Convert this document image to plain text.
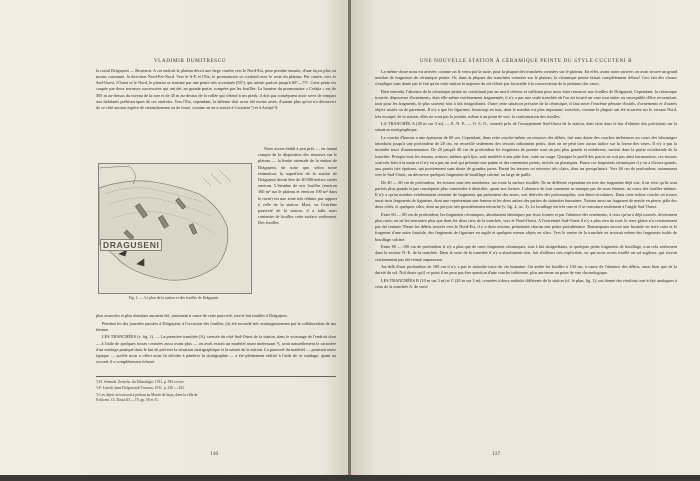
VLADIMIR DUMITRESCU

la rostul Drăgușeni — Broștenii. A cot endroit le plateau décrit une large courbe vers le Nord-Est, pour prendre ensuite, d'une façon plus ou moins constante, la direction Nord-Est-Nord. Vers le S-E et l'Est, le promontoire se confond avec le reste du plateau. Par contre, vers le Sud-Ouest, l'Ouest et le Nord, le plateau se termine par une pente très accentuée (50°), qui atteint parfois jusqu'à 60°—75°. Cette pente est coupée par deux terrasses successives qui ont été, en grande partie, rompées par les fouilles. La hauteur du promontoire « Cetăția » est de 565 m au-dessus du niveau de la mer et de 45 m au-dessus de la vallée qui s'étend à ses pieds; il doit par conséquent avoir servi de rempart aux habitants préhistoriques de ces endroits. Vers l'Est, cependant, la défense doit avoir été moins aisée, d'autant plus qu'on n'a découvert de ce côté aucune espèce de retranchement ou de fossé, comme on en a trouvé à Cucuteni ¹) et à Ariușd ²).

DRAGUSENI
Fig. 1. — Le plan de la station et des fouilles de Drăgușeni.

Nous avons établi à peu près — en tenant compte de la disposition des terrasses sur le plateau — la limite orientale de la station de Drăgușeni, de sorte que, selon notre estimation, la superficie de la station de Drăgușeni devait être de 20.000 mètres carrés environ. L'étendue de nos fouilles (environ 160 m² sur le plateau et environ 100 m² dans le ravin) est une zone très réduite par rapport à celle de la station. Mais, vu l'extrême pauvreté de la station, il a fallu nous contenter de fouilles cette surface seulement. Des fouilles

plus avancées et plus étendues auraient été, justement à cause de cette pauvreté, tout-à-fait inutiles à Drăgușeni.

Pendant les dix journées passées à Drăgușeni, à l'occasion des fouilles, j'ai été secondé très avantageusement par la collaboration de ma femme.

LES TRANCHÉES (v. fig. 1). — La première tranchée (A), creusée du côté Sud-Ouest de la station, dans le voisinage de l'endroit dont — à l'aide de quelques fosses creusées aussi avant plus — on avait extrait un matériel assez intéressant ³), avait naturellement le caractère d'un sondage pratiqué dans le but de préciser la situation stratigraphique et la nature de la station. La pauvreté du matériel — pourtant assez typique — qu'elle nous a offert nous fit décider à pénétrer la stratigraphie — a été pleinement réalisé à l'aide de ce sondage; quant au second, il a complètement échoué.

¹) H. Schmidt, Zeitschr. für Ethnologie, 1911, p. 582 et suiv.

²) F. László, dans Dolgozatok-Travaux, 1911, p. 236 — 241.

³) Ces objets se trouvent à présent au Musée de Iașsy, dans la ville de Folticeni. Cf. Dacia III — IV, pp. 50 et 51.

116
UNE NOUVELLE STATION À CÉRAMIQUE PEINTE DU STYLE CUCUTENI B

La même chose nous est arrivée, comme on le verra par la suite, pour la plupart des tranchées creusées sur le plateau. En effet, avant notre arrivée, on avait trouvé un grand nombre de fragments de céramique peinte. Or, dans la plupart des tranchées creusées sur le plateau, la céramique peinte faisait complètement défaut! Ceci fait des choses s'explique sans doute par le fait qu'en cette station la majeure du sol n'était pas favorable à la conservation de la peinture des vases.

Bien entendu, l'absence de la céramique peinte ne constituait pas un motif sérieux et suffisant pour nous faire renoncer aux fouilles de Drăgușeni. Cependant, la céramique trouvée, dépourvue d'ornements, était elle-même extrêmement fragmentée; il n'y a pas une seule tranchée où l'on ait trouvé un vase tout entier ou susceptible d'être reconstitué; tous pour les fragments, le plus souvent tout à fait insignifiants. Outre cette situation précaire de la céramique, il faut noter l'extrême pénurie d'outils, d'ornements et d'autres objets usuels ou de parement. Il n'y a que les figurines, beaucoup en tout, dont le nombre est plus important; toutefois, comme le plupart ont été trouvées sur le versant Nord, très escarpé, de la station, elles ne vont pas la joindre, même à un point de vue, la conformation des fouilles.

LA TRANCHÉE A (20 m sur 3 m). — E. N. E. — O. S. O., creusée près de l'escarpement Sud-Ouest de la station, était faite dans le but d'obtenir des précisions sur la situation stratigraphique.

La couche d'humus a une épaisseur de 60 cm. Cependant, dans cette couche-même on retrouve des débris, tiré sans doute des couches inférieures au cours des labourages introduits jusqu'à une profondeur de 20 cm, en recueille seulement des tessons infiniment petits, dont on ne peut tirer aucun indice sur la forme des vases. Il n'y a pas la moindre trace d'ornementation. De 20 jusqu'à 40 cm de profondeur les fragments de poterie sont un peu plus grands et nombreux, surtout dans la partie occidentale de la tranchée. Presque tous les tessons, minces, mêmes qu'à ljus, sont modelés à une pâte fine, cuite au rouge. Quoique le profil des parois ne soit pas ainsi harmonieux, ces tessons sont très faits à la main et il n'y en a pas un seul qui présente une patine et des ornements peints, incisés ou plastiques. Parmi ces fragments céramiques il y en a d'assez grands, aux parois très épaisses, qui proviennent sans doute de grandes jarres. Parmi les tessons on retrouve très clairs, dont un presqu'intact. Vers 60 cm de profondeur, notamment vers le Sud-Ouest, on découvre quelques fragments de bouillage calciné, au large de paille.

De 40 — 60 cm de profondeur, les tessons sont très nombreux, sur toute la surface fouillée. Ils ne diffèrent cependant en rien des fragments déjà vus; il ne n'est qu'ils sont parfois plus grands et par conséquent plus commodes à identifier, quant aux formes. L'absence de tout ornement se manque pas de nous étonner, au cours des fouilles-mêmes. Il n'y a qu'un nombre extrêmement restreint de fragments qui présentent des anses, soit dérivées des protomorphes, soit demi-circulaires. Dans cette même couche on trouve aussi trois fragments de figurines, dont une représentant une femme et les deux autres des parties de statuettes humaines. Notons aussi un fragment de meule en pierre, pâle des deux côtés, et quelques silex, dont un perçoir très grossièrement retouché (v. fig. 4, no. 3). Le bouillage est très rare et il se rencontre seulement à l'angle Sud-Ouest.

Entre 60 — 80 cm de profondeur, les fragments céramiques, absolument identiques par leurs formes et par l'absence des ornements, à ceux qu'on a déjà trouvés, deviennent plus rares; on ne les rencontre plus que dans les deux tiers de la tranchée, vers le Nord-Ouest. A l'extrémité Sud-Ouest il n'y a plus rien du tout: le terre glaise n'a certainement pas été remuée. Parmi les débris trouvés vers le Nord-Est, il y a deux tessons, présentant chacun une petite protubérance. Remarquons encore une fusaïole en terre cuite et le fragment d'une autre fusaïole, des fragments de figurines en argile et quelques menus objets en silex. Vers le centre de la tranchée on trouvait même des fragments isolés de bouillage calciné.

Entre 80 — 100 cm de profondeur il n'y a plus que de rares fragments céramiques, tout à fait insignifiants, et quelques petits fragments de bouillage, tout cela seulement dans le secteur N.-E. de la tranchée. Dans le reste de la tranchée il n'y a absolument rien, fait d'ailleurs très explicable, vu que nous avons fouillé un sol argileux, qui n'avait certainement pas été remué auparavant.

Au-delà d'une profondeur de 100 cm il n'y a pas le moindre trace de vie humaine. On arrête les fouilles à 130 cm, à cause de l'absence des débris, aussi bien que de la dureté du sol. Nul doute qu'il ce point il ne peut pas être question d'une couche inférieure, plus ancienne au point de vue chronologique.

LES TRANCHÉES B (10 m sur 3 m) et C (20 m sur 3 m), creusées à deux endroits différents de la station (cf. le plan, fig. 1), ont donné des résultats tout-à-fait analogues à ceux de la tranchée A, de sorte

117
